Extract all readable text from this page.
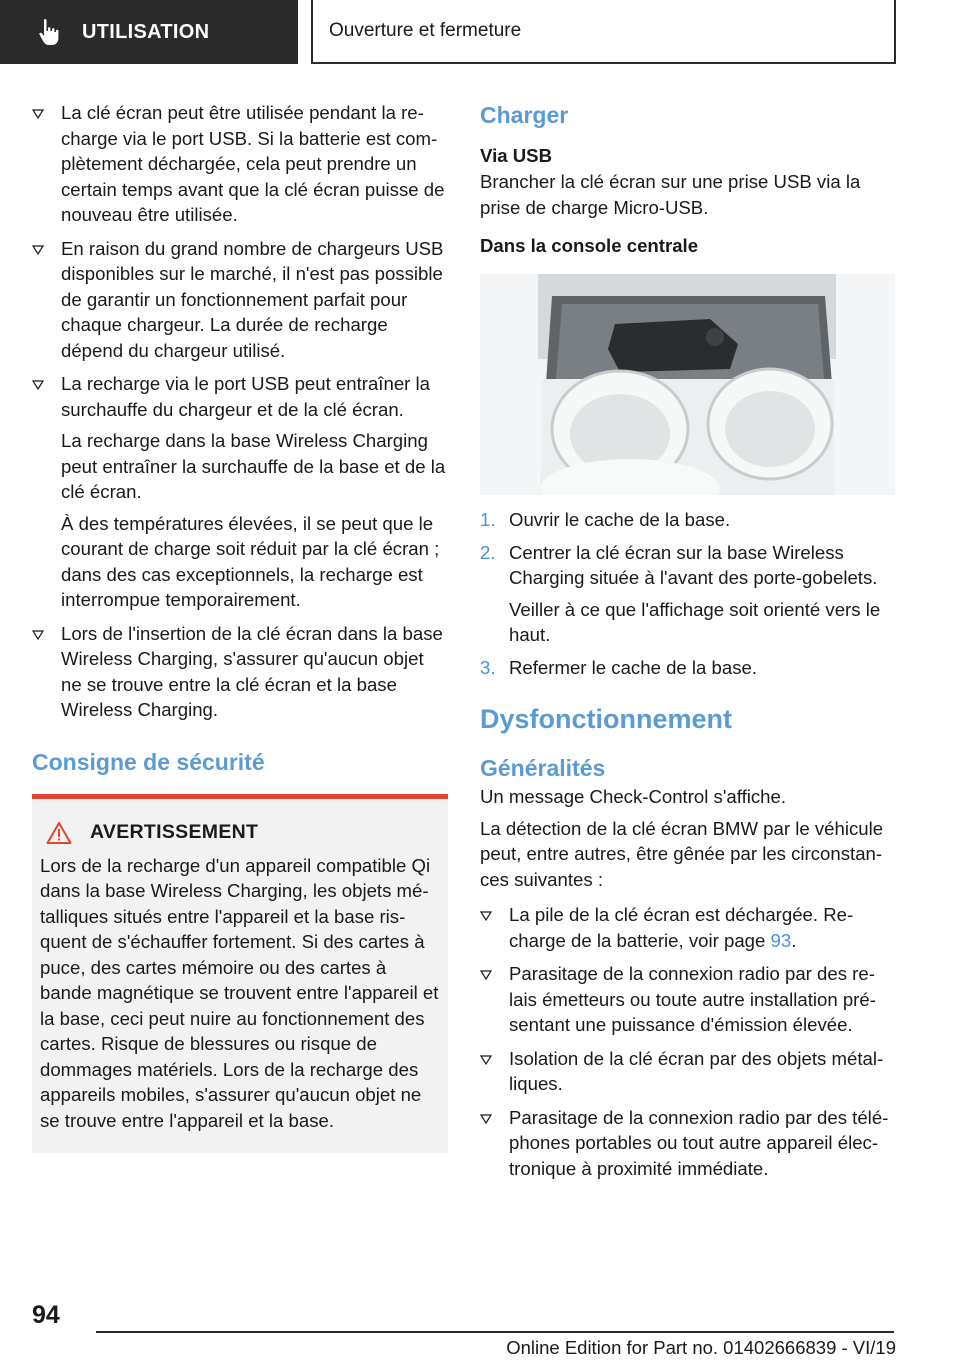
UTILISATION	Ouverture et fermeture
La clé écran peut être utilisée pendant la recharge via le port USB. Si la batterie est complètement déchargée, cela peut prendre un certain temps avant que la clé écran puisse de nouveau être utilisée.
En raison du grand nombre de chargeurs USB disponibles sur le marché, il n'est pas possible de garantir un fonctionnement parfait pour chaque chargeur. La durée de recharge dépend du chargeur utilisé.
La recharge via le port USB peut entraîner la surchauffe du chargeur et de la clé écran.
La recharge dans la base Wireless Charging peut entraîner la surchauffe de la base et de la clé écran.
À des températures élevées, il se peut que le courant de charge soit réduit par la clé écran ; dans des cas exceptionnels, la recharge est interrompue temporairement.
Lors de l'insertion de la clé écran dans la base Wireless Charging, s'assurer qu'aucun objet ne se trouve entre la clé écran et la base Wireless Charging.
Consigne de sécurité
AVERTISSEMENT
Lors de la recharge d'un appareil compatible Qi dans la base Wireless Charging, les objets métalliques situés entre l'appareil et la base risquent de s'échauffer fortement. Si des cartes à puce, des cartes mémoire ou des cartes à bande magnétique se trouvent entre l'appareil et la base, ceci peut nuire au fonctionnement des cartes. Risque de blessures ou risque de dommages matériels. Lors de la recharge des appareils mobiles, s'assurer qu'aucun objet ne se trouve entre l'appareil et la base.
Charger
Via USB
Brancher la clé écran sur une prise USB via la prise de charge Micro-USB.
Dans la console centrale
1. Ouvrir le cache de la base.
2. Centrer la clé écran sur la base Wireless Charging située à l'avant des porte-gobelets.
Veiller à ce que l'affichage soit orienté vers le haut.
3. Refermer le cache de la base.
Dysfonctionnement
Généralités
Un message Check-Control s'affiche.
La détection de la clé écran BMW par le véhicule peut, entre autres, être gênée par les circonstances suivantes :
La pile de la clé écran est déchargée. Recharge de la batterie, voir page 93.
Parasitage de la connexion radio par des relais émetteurs ou toute autre installation présentant une puissance d'émission élevée.
Isolation de la clé écran par des objets métalliques.
Parasitage de la connexion radio par des téléphones portables ou tout autre appareil électronique à proximité immédiate.
94
Online Edition for Part no. 01402666839 - VI/19
